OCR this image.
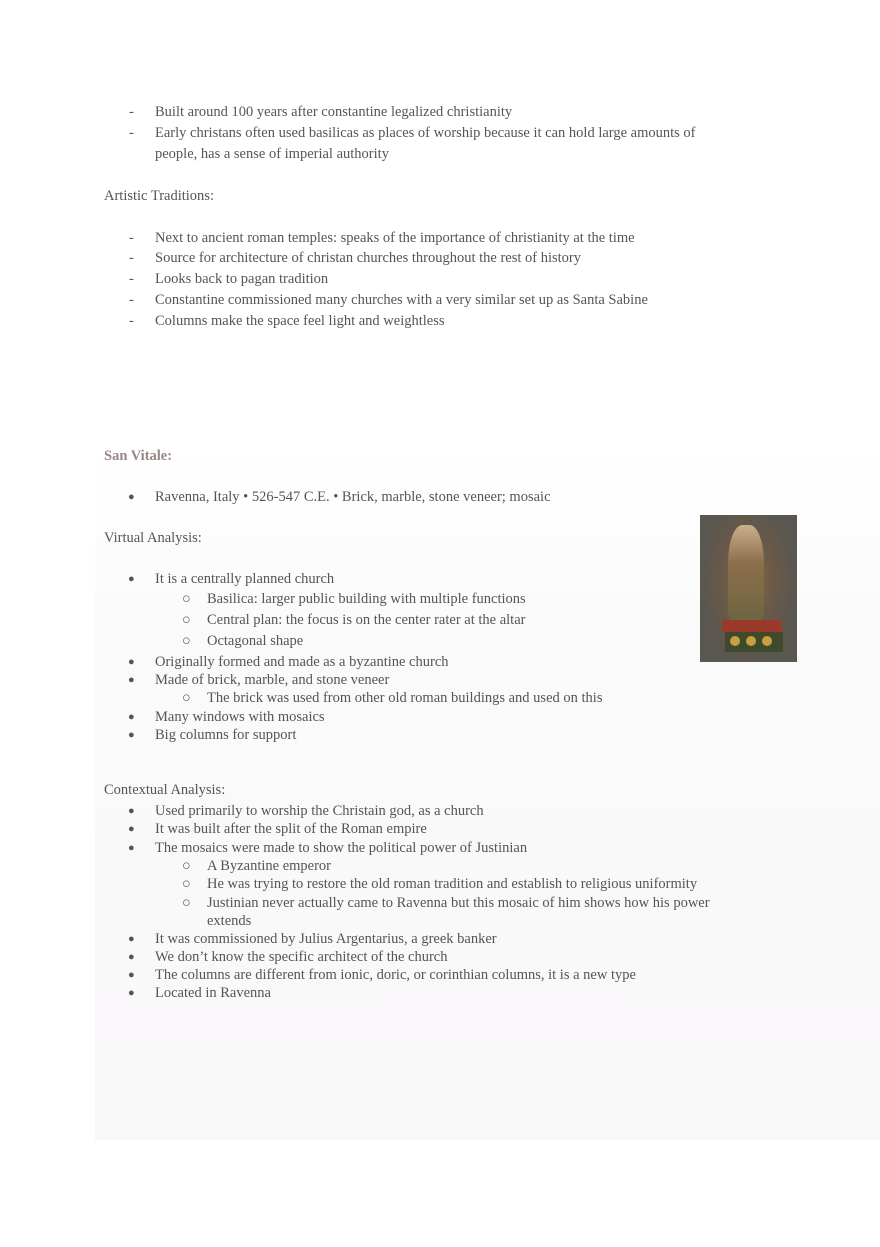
- Built around 100 years after constantine legalized christianity
- Early christans often used basilicas as places of worship because it can hold large amounts of
people, has a sense of imperial authority
Artistic Traditions:
- Next to ancient roman temples: speaks of the importance of christianity at the time
- Source for architecture of christan churches throughout the rest of history
- Looks back to pagan tradition
- Constantine commissioned many churches with a very similar set up as Santa Sabine
- Columns make the space feel light and weightless
San Vitale:
● Ravenna, Italy • 526-547 C.E. • Brick, marble, stone veneer; mosaic
Virtual Analysis:
● It is a centrally planned church
○ Basilica: larger public building with multiple functions
○ Central plan: the focus is on the center rater at the altar
○ Octagonal shape
● Originally formed and made as a byzantine church
● Made of brick, marble, and stone veneer
○ The brick was used from other old roman buildings and used on this
● Many windows with mosaics
● Big columns for support
Contextual Analysis:
● Used primarily to worship the Christain god, as a church
● It was built after the split of the Roman empire
● The mosaics were made to show the political power of Justinian
○ A Byzantine emperor
○ He was trying to restore the old roman tradition and establish to religious uniformity
○ Justinian never actually came to Ravenna but this mosaic of him shows how his power
extends
● It was commissioned by Julius Argentarius, a greek banker
● We don’t know the specific architect of the church
● The columns are different from ionic, doric, or corinthian columns, it is a new type
● Located in Ravenna
